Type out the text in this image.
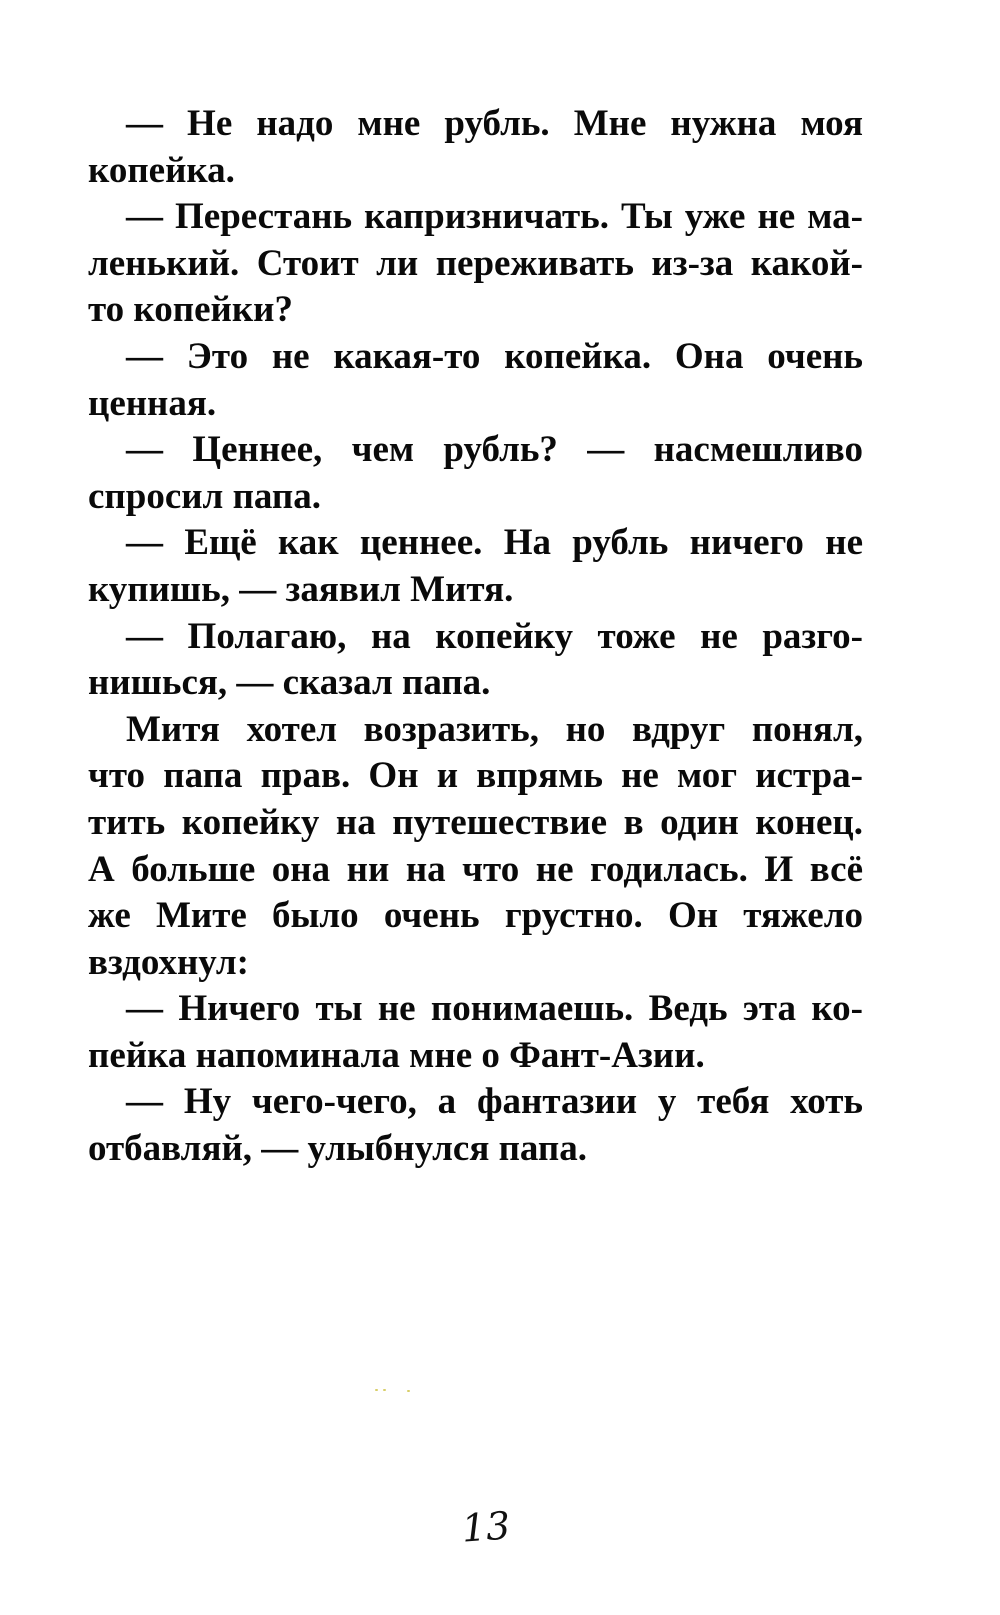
— Не надо мне рубль. Мне нужна моя
копейка.
— Перестань капризничать. Ты уже не ма-
ленький. Стоит ли переживать из-за какой-
то копейки?
— Это не какая-то копейка. Она очень
ценная.
— Ценнее, чем рубль? — насмешливо
спросил папа.
— Ещё как ценнее. На рубль ничего не
купишь, — заявил Митя.
— Полагаю, на копейку тоже не разго-
нишься, — сказал папа.
Митя хотел возразить, но вдруг понял,
что папа прав. Он и впрямь не мог истра-
тить копейку на путешествие в один конец.
А больше она ни на что не годилась. И всё
же Мите было очень грустно. Он тяжело
вздохнул:
— Ничего ты не понимаешь. Ведь эта ко-
пейка напоминала мне о Фант-Азии.
— Ну чего-чего, а фантазии у тебя хоть
отбавляй, — улыбнулся папа.
13
